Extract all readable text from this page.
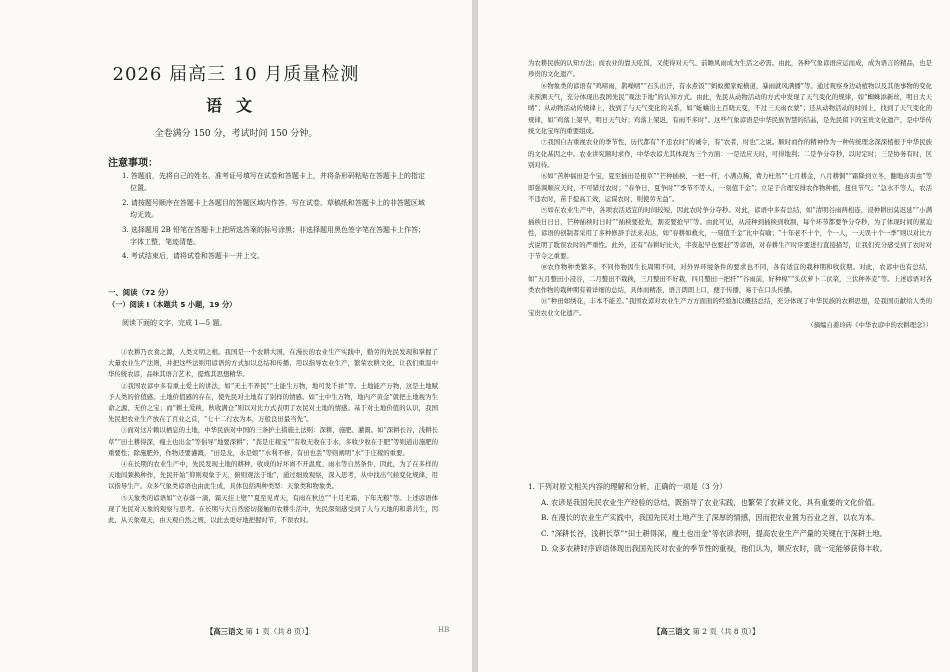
2026 届高三 10 月质量检测
语文
全卷满分 150 分，考试时间 150 分钟。
注意事项：

1. 答题前，先将自己的姓名、准考证号填写在试卷和答题卡上，并将条形码粘贴在答题卡上的指定位置。

2. 请按题号顺序在答题卡上各题目的答题区域内作答，写在试卷、草稿纸和答题卡上的非答题区域均无效。

3. 选择题用 2B 铅笔在答题卡上把所选答案的标号涂黑；非选择题用黑色签字笔在答题卡上作答；字体工整，笔迹清楚。

4. 考试结束后，请将试卷和答题卡一并上交。

一、阅读（72 分）
（一）阅读 Ⅰ（本题共 5 小题，19 分）
阅读下面的文字，完成 1—5 题。

①农耕乃衣食之源，人类文明之根。我国是一个农耕大国，在漫长的农业生产实践中，勤劳的先民发现和掌握了大量农业生产法则，并把这些法则用谚语的方式加以总结和传播，用以指导农业生产，繁荣农耕文化，让我们重温中华传统农谚，品味其语言艺术，提炼其思想精华。

②我国农谚中多有重土爱土的讲法，如“无土不养民”“土能生万物，地可发千祥”等。土地能产万物，这是土地赋予人类的价值感。土地价值感的存在，使先民对土地有了别样的情感。如“土中生万物，地内产黄金”就把土地视为生命之源、无价之宝；而“耕土爱秧，秋收满仓”则以对比方式表明了农民对土地的情感。基于对土地价值的认识，我国先民把农业生产放在了百业之首，“七十二行农为本，万般良田最当先”。

③面对这片赖以栖息的土地，中华民族对中国的三条护土措施土法则：深耕、施肥、灌溉。如“深耕长谷，浅耕长草”“田土耕得深，瘦土也出金”等倡导“地要深耕”；“粪是庄稼宝”“有收无收在于水，多收少收在于肥”等则道出施肥的重要性；除施肥外，作物还要灌溉，“田是龙，水是娘”“水利不修，有田也丢”等则阐明“水”于庄稼的重要。

④在长期的农业生产中，先民发现土地的耕种、收成的好坏离不开温度、雨水等自然条件，因此，为了在多样的天地间频换种作，先民开始“仰则观象于天，俯则观法于地”，通过细致观察，深入思考，从中找出气候变化规律，用以指导生产。众多气象类谚语也由此生成，具体包括两种类型：天象类和物象类。

⑤天象类的谚语如“立春落一滴，霜天挂上壁”“夏至见青天，有雨在秋边”“十月无霜，下年无粮”等。上述谚语体现了先民对天象的观察与思考。在长期与大自然密切接触的农耕生活中，先民深刻感受到了人与天地的和谐共生，因此，从天象观天，由天观自然之规，以此去更好地把握时节，不误农时。

【高三语文 第 1 页（共 8 页）】	HB

为农耕民族的认知方法；而农业的靠天吃饭，又使得对天气、前瞻风雨成为生活之必需。由此，各种气象谚语应运而成，成为语言的精品，也是珍贵的文化遗产。

⑥物象类的谚语有“鸡啼雨，鹊噪晴”“石头出汗，有水煮饭”“蚂蚁搬家蛇横道，暴雨就风满播”等。通过观察身边动植物以及其他事物的变化来预测天气，充分体现出我国先民“观法于地”的认知方式。由此，先民从动物活动的方式中发现了天气变化的规律，如“蜘蛛添新丝，明日大天晴”；从动物活动的规律上，找到了与天气变化的关系，如“蚯蛐出土百晓天变，不过三天雨衣蒙”；还从动物活动的时间上，找到了天气变化的规律，如“鸡落上架早，明日天气好；鸡落上架迟，有雨不多时”。这些气象谚语是中华民族智慧的结晶，是先民留下的宝贵文化遗产，是中华传统文化宝库的重要组成。

⑦我国自古重视农业的季节性，历代都有“不违农时”的诫令，有“农者，时也”之说。顺时而作的精神作为一种传统理念深深植根于中华民族的文化基因之中。农业讲究顺时求作，中华农谚尤其体现为三个方面：一是适应天时，可得地利；二是争分夺秒，以时定时；三是协务有时，区别对待。

⑧如“苦种福田是个宝，夏至插田是根草”“芒种插秧，一把一杆，小满点稀，费力枉然”“七月耕金，八月耕铜”“霜降到立冬，翻地冻害虫”等即强调顺应天时，不可错过农时；“春争日，夏争时”“季节不等人，一刻值千金”；立足于合理安排农作物种植，扭住节气；“急水不等人，农活不违农时，苗于提高工效，运谋农时，则使劳无益”。

⑨如在农业生产中，各项农活适宜的时间较短，因此农时争分夺秒。对此，谚语中多有总结，如“清明谷雨两相连，浸种耕田莫迟延”“小满插秧日日日，芒种插秧时日时”“插秧要抢先，割麦要抢早”等。由此可见，从浸种到插秧到收割，每个环节都要争分夺秒，为了体现时间的紧迫性，谚语的创制者采用了多种修辞手法来表达，如“春耕如救火，一刻值千金”比中有喻；“十年老不十个，个一人，一天误十个一季”则以对比方式说明了耽误农时的严重性。此外，还有“春耕好比火，半夜起早也要赶”等谚语，对春耕生产时序要进行直接描写，让我们充分感受到了农时对于节令之重要。

⑩农作物种类繁多，不同作物因生长周期不同，对外界环境条件的要求也不同，各有适宜的栽种期和收获期。对此，农谚中也有总结，如“五月整田小浸谷，二月整田不栽秧，三月整田不好栽，四月整田一把扦”“谷雨前，好种棉”“头伏萝卜二伏菜，三伏种荞麦”等。上述谚语对各类农作物的栽种期有着详细的总结，具体而精准，语言朗朗上口，便于传播，易于在口头传播。

⑪“种田如绣花，丰本不能差。”我国农谚对农业生产方方面面的经验加以概括总结，充分体现了中华民族的农耕思想，是我国贡献给人类的宝贵农业文化遗产。

（摘编自姜玲砖《中华农谚中的农耕理念》）

1. 下列对原文相关内容的理解和分析，正确的一项是（3 分）

A. 农谚是我国先民农业生产经验的总结，既指导了农业实践，也繁荣了农耕文化，具有重要的文化价值。

B. 在漫长的农业生产实践中，我国先民对土地产生了深厚的情感，因而把农业置为百业之首，以农为本。

C. “深耕长谷，浅耕长草”“田土耕得深，瘦土也出金”等农谚表明，提高农业生产产量的关键在于深耕土地。

D. 众多农耕时序谚语体现出我国先民对农业的季节性的重视，他们认为，顺应农时，就一定能够获得丰收。

【高三语文 第 2 页（共 8 页）】
